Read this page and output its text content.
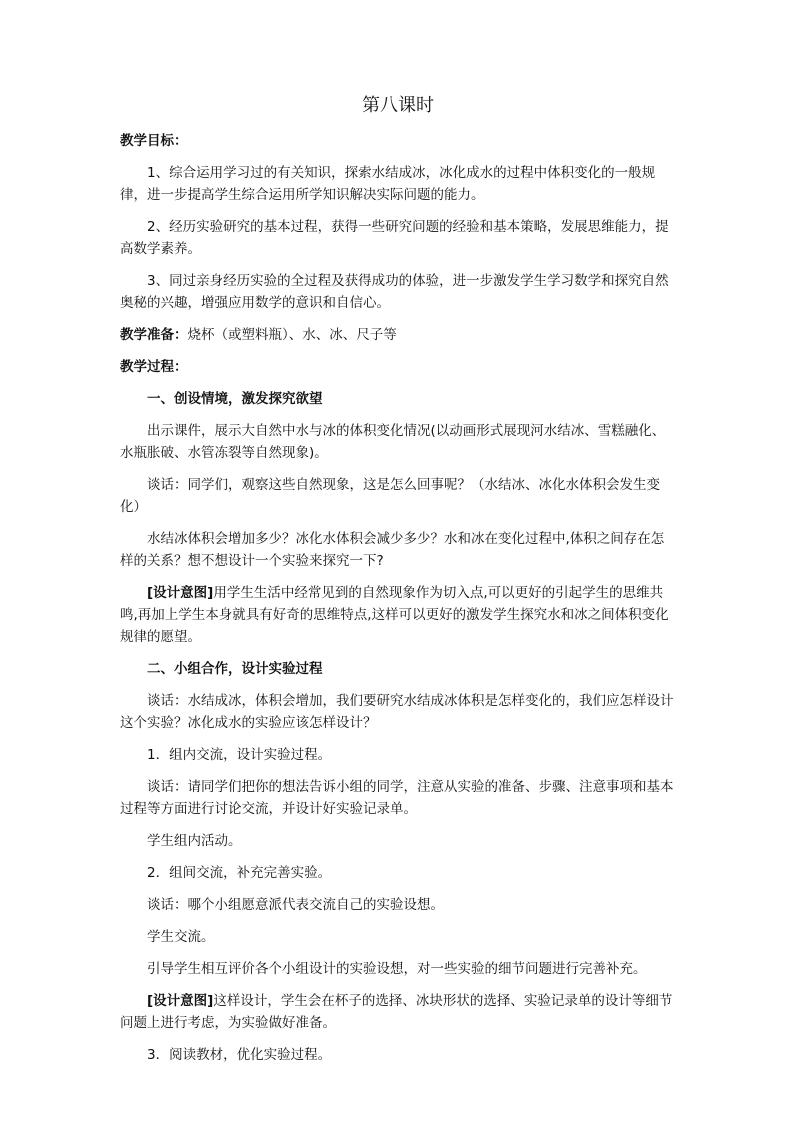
第八课时

教学目标：

1、综合运用学习过的有关知识，探索水结成冰，冰化成水的过程中体积变化的一般规律，进一步提高学生综合运用所学知识解决实际问题的能力。

2、经历实验研究的基本过程，获得一些研究问题的经验和基本策略，发展思维能力，提高数学素养。

3、同过亲身经历实验的全过程及获得成功的体验，进一步激发学生学习数学和探究自然奥秘的兴趣，增强应用数学的意识和自信心。

教学准备：烧杯（或塑料瓶）、水、冰、尺子等

教学过程：

一、创设情境，激发探究欲望

出示课件，展示大自然中水与冰的体积变化情况(以动画形式展现河水结冰、雪糕融化、水瓶胀破、水管冻裂等自然现象)。

谈话：同学们，观察这些自然现象，这是怎么回事呢？（水结冰、冰化水体积会发生变化）

水结冰体积会增加多少？冰化水体积会减少多少？水和冰在变化过程中,体积之间存在怎样的关系？想不想设计一个实验来探究一下?

[设计意图]用学生生活中经常见到的自然现象作为切入点,可以更好的引起学生的思维共鸣,再加上学生本身就具有好奇的思维特点,这样可以更好的激发学生探究水和冰之间体积变化规律的愿望。

二、小组合作，设计实验过程

谈话：水结成冰，体积会增加，我们要研究水结成冰体积是怎样变化的，我们应怎样设计这个实验？冰化成水的实验应该怎样设计？

1．组内交流，设计实验过程。

谈话：请同学们把你的想法告诉小组的同学，注意从实验的准备、步骤、注意事项和基本过程等方面进行讨论交流，并设计好实验记录单。

学生组内活动。

2．组间交流，补充完善实验。

谈话：哪个小组愿意派代表交流自己的实验设想。

学生交流。

引导学生相互评价各个小组设计的实验设想，对一些实验的细节问题进行完善补充。

[设计意图]这样设计，学生会在杯子的选择、冰块形状的选择、实验记录单的设计等细节问题上进行考虑，为实验做好准备。

3．阅读教材，优化实验过程。
